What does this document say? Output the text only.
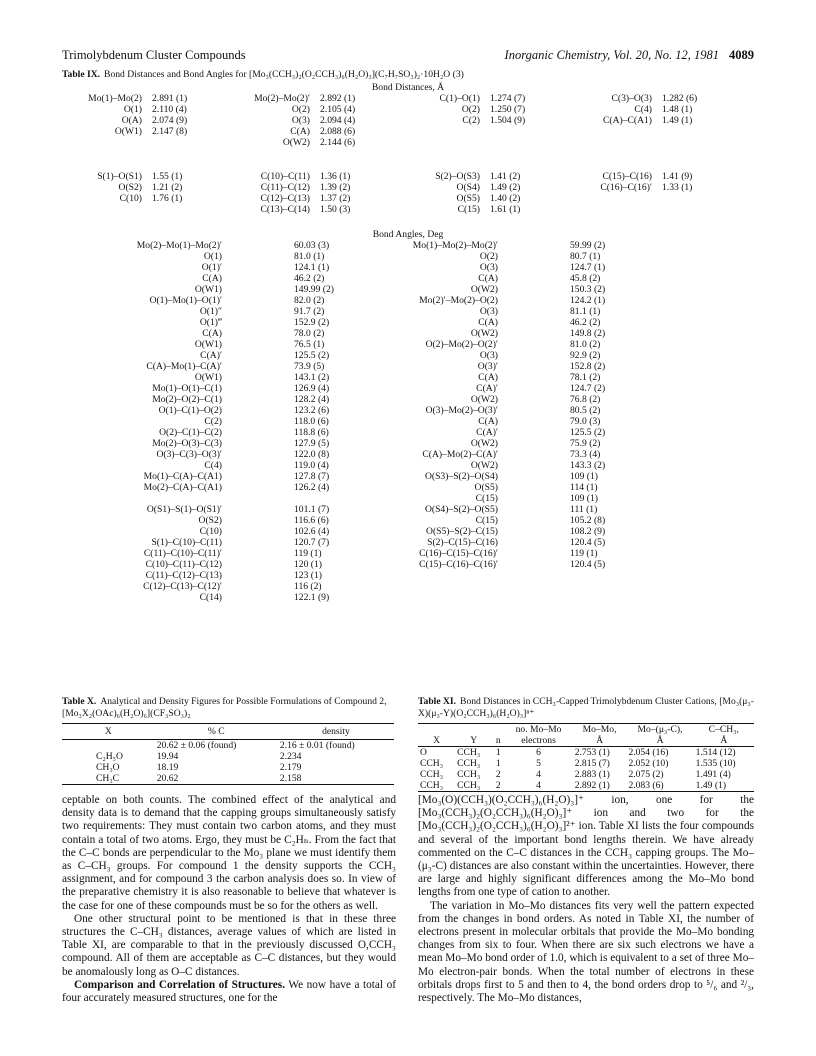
Trimolybdenum Cluster Compounds	Inorganic Chemistry, Vol. 20, No. 12, 1981 4089
Table IX. Bond Distances and Bond Angles for [Mo₃(CCH₃)₂(O₂CCH₃)₆(H₂O)₃](C₇H₇SO₃)₂·10H₂O (3)
Bond Distances, Å
Mo(1)–Mo(2)	2.891 (1)
O(1)	2.110 (4)
O(A)	2.074 (9)
O(W1)	2.147 (8)
Mo(2)–Mo(2)′	2.892 (1)
O(2)	2.105 (4)
O(3)	2.094 (4)
C(A)	2.088 (6)
O(W2)	2.144 (6)
C(1)–O(1)	1.274 (7)
O(2)	1.250 (7)
C(2)	1.504 (9)
C(3)–O(3)	1.282 (6)
C(4)	1.48 (1)
C(A)–C(A1)	1.49 (1)
S(1)–O(S1)	1.55 (1)
O(S2)	1.21 (2)
C(10)	1.76 (1)
C(10)–C(11)	1.36 (1)
C(11)–C(12)	1.39 (2)
C(12)–C(13)	1.37 (2)
C(13)–C(14)	1.50 (3)
S(2)–O(S3)	1.41 (2)
O(S4)	1.49 (2)
O(S5)	1.40 (2)
C(15)	1.61 (1)
C(15)–C(16)	1.41 (9)
C(16)–C(16)′	1.33 (1)
Bond Angles, Deg
Mo(2)–Mo(1)–Mo(2)′	60.03 (3)
O(1)	81.0 (1)
O(1)′	124.1 (1)
C(A)	46.2 (2)
O(W1)	149.99 (2)
O(1)–Mo(1)–O(1)′	82.0 (2)
O(1)″	91.7 (2)
O(1)‴	152.9 (2)
C(A)	78.0 (2)
O(W1)	76.5 (1)
C(A)′	125.5 (2)
C(A)–Mo(1)–C(A)′	73.9 (5)
O(W1)	143.1 (2)
Mo(1)–O(1)–C(1)	126.9 (4)
Mo(2)–O(2)–C(1)	128.2 (4)
O(1)–C(1)–O(2)	123.2 (6)
C(2)	118.0 (6)
O(2)–C(1)–C(2)	118.8 (6)
Mo(2)–O(3)–C(3)	127.9 (5)
O(3)–C(3)–O(3)′	122.0 (8)
C(4)	119.0 (4)
Mo(1)–C(A)–C(A1)	127.8 (7)
Mo(2)–C(A)–C(A1)	126.2 (4)
O(S1)–S(1)–O(S1)′	101.1 (7)
O(S2)	116.6 (6)
C(10)	102.6 (4)
S(1)–C(10)–C(11)	120.7 (7)
C(11)–C(10)–C(11)′	119 (1)
C(10)–C(11)–C(12)	120 (1)
C(11)–C(12)–C(13)	123 (1)
C(12)–C(13)–C(12)′	116 (2)
C(14)	122.1 (9)
Mo(1)–Mo(2)–Mo(2)′	59.99 (2)
O(2)	80.7 (1)
O(3)	124.7 (1)
C(A)	45.8 (2)
O(W2)	150.3 (2)
Mo(2)′–Mo(2)–O(2)	124.2 (1)
O(3)	81.1 (1)
C(A)	46.2 (2)
O(W2)	149.8 (2)
O(2)–Mo(2)–O(2)′	81.0 (2)
O(3)	92.9 (2)
O(3)′	152.8 (2)
C(A)	78.1 (2)
C(A)′	124.7 (2)
O(W2)	76.8 (2)
O(3)–Mo(2)–O(3)′	80.5 (2)
C(A)	79.0 (3)
C(A)′	125.5 (2)
O(W2)	75.9 (2)
C(A)–Mo(2)–C(A)′	73.3 (4)
O(W2)	143.3 (2)
O(S3)–S(2)–O(S4)	109 (1)
O(S5)	114 (1)
C(15)	109 (1)
O(S4)–S(2)–O(S5)	111 (1)
C(15)	105.2 (8)
O(S5)–S(2)–C(15)	108.2 (9)
S(2)–C(15)–C(16)	120.4 (5)
C(16)–C(15)–C(16)′	119 (1)
C(15)–C(16)–C(16)′	120.4 (5)
Table X. Analytical and Density Figures for Possible Formulations of Compound 2, [Mo₃X₂(OAc)₆(H₂O)₆](CF₃SO₃)₂
X	% C	density
	20.62 ± 0.06 (found)	2.16 ± 0.01 (found)
C₂H₅O	19.94	2.234
CH₃O	18.19	2.179
CH₃C	20.62	2.158
Table XI. Bond Distances in CCH₃-Capped Trimolybdenum Cluster Cations, [Mo₃(μ₃-X)(μ₃-Y)(O₂CCH₃)₆(H₂O)₃]ⁿ⁺
			no. Mo–Mo	Mo–Mo,	Mo–(μ₃-C),	C–CH₃,
X	Y	n	electrons	Å	Å	Å
O	CCH₃	1	6	2.753 (1)	2.054 (16)	1.514 (12)
CCH₃	CCH₃	1	5	2.815 (7)	2.052 (10)	1.535 (10)
CCH₃	CCH₃	2	4	2.883 (1)	2.075 (2)	1.491 (4)
CCH₃	CCH₃	2	4	2.892 (1)	2.083 (6)	1.49 (1)

ceptable on both counts. The combined effect of the analytical and density data is to demand that the capping groups simultaneously satisfy two requirements: They must contain two carbon atoms, and they must contain a total of two atoms. Ergo, they must be C₂Hₙ. From the fact that the C–C bonds are perpendicular to the Mo₃ plane we must identify them as C–CH₃ groups. For compound 1 the density supports the CCH₃ assignment, and for compound 3 the carbon analysis does so. In view of the preparative chemistry it is also reasonable to believe that whatever is the case for one of these compounds must be so for the others as well.

One other structural point to be mentioned is that in these three structures the C–CH₃ distances, average values of which are listed in Table XI, are comparable to that in the previously discussed O,CCH₃ compound. All of them are acceptable as C–C distances, but they would be anomalously long as O–C distances.

Comparison and Correlation of Structures. We now have a total of four accurately measured structures, one for the

[Mo₃(O)(CCH₃)(O₂CCH₃)₆(H₂O)₃]⁺ ion, one for the [Mo₃(CCH₃)₂(O₂CCH₃)₆(H₂O)₃]⁺ ion and two for the [Mo₃(CCH₃)₂(O₂CCH₃)₆(H₂O)₃]²⁺ ion. Table XI lists the four compounds and several of the important bond lengths therein. We have already commented on the C–C distances in the CCH₃ capping groups. The Mo–(μ₃-C) distances are also constant within the uncertainties. However, there are large and highly significant differences among the Mo–Mo bond lengths from one type of cation to another.

The variation in Mo–Mo distances fits very well the pattern expected from the changes in bond orders. As noted in Table XI, the number of electrons present in molecular orbitals that provide the Mo–Mo bonding changes from six to four. When there are six such electrons we have a mean Mo–Mo bond order of 1.0, which is equivalent to a set of three Mo–Mo electron-pair bonds. When the total number of electrons in these orbitals drops first to 5 and then to 4, the bond orders drop to ⁵/₆ and ²/₃, respectively. The Mo–Mo distances,
